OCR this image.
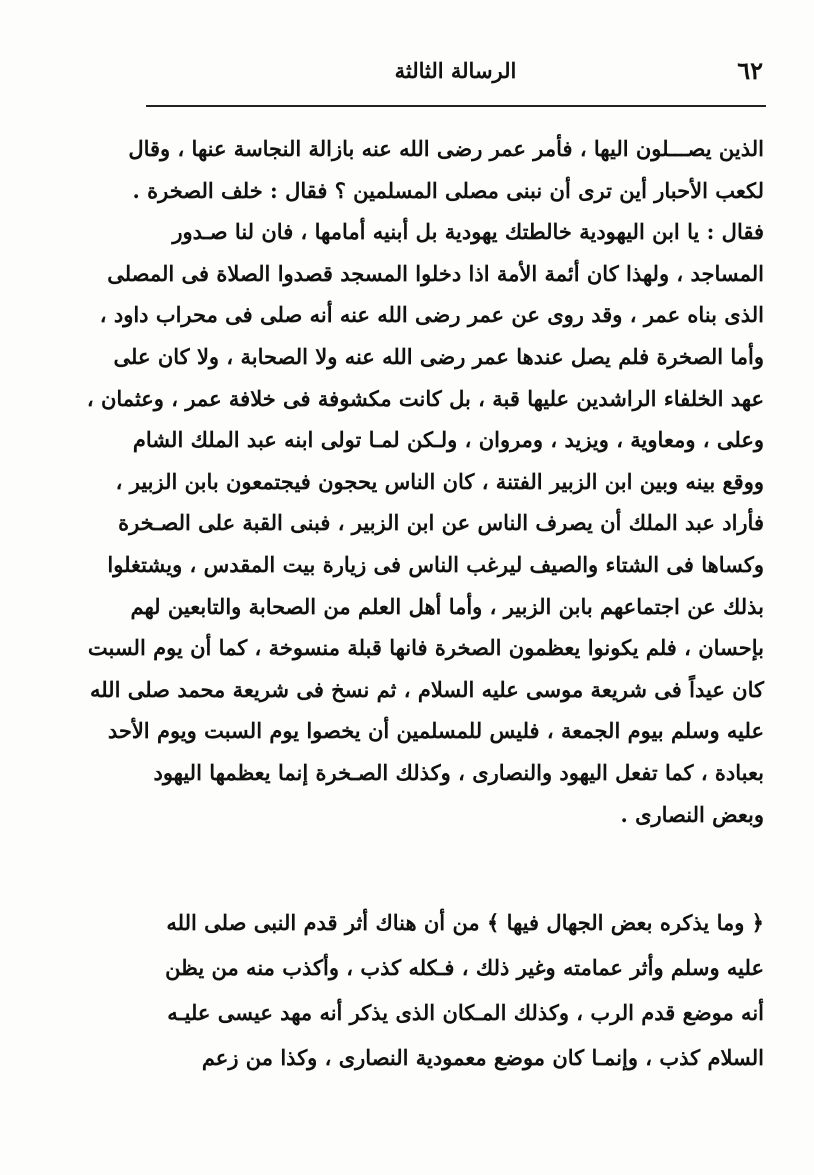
٦٢
الرسالة الثالثة
الذين يصـــلون اليها ، فأمر عمر رضى الله عنه بازالة النجاسة عنها ، وقال
لكعب الأحبار أين ترى أن نبنى مصلى المسلمين ؟ فقال : خلف الصخرة .
فقال : يا ابن اليهودية خالطتك يهودية بل أبنيه أمامها ، فان لنا صـدور
المساجد ، ولهذا كان أئمة الأمة اذا دخلوا المسجد قصدوا الصلاة فى المصلى
الذى بناه عمر ، وقد روى عن عمر رضى الله عنه أنه صلى فى محراب داود ،
وأما الصخرة فلم يصل عندها عمر رضى الله عنه ولا الصحابة ، ولا كان على
عهد الخلفاء الراشدين عليها قبة ، بل كانت مكشوفة فى خلافة عمر ، وعثمان ،
وعلى ، ومعاوية ، ويزيد ، ومروان ، ولـكن لمـا تولى ابنه عبد الملك الشام
ووقع بينه وبين ابن الزبير الفتنة ، كان الناس يحجون فيجتمعون بابن الزبير ،
فأراد عبد الملك أن يصرف الناس عن ابن الزبير ، فبنى القبة على الصـخرة
وكساها فى الشتاء والصيف ليرغب الناس فى زيارة بيت المقدس ، ويشتغلوا
بذلك عن اجتماعهم بابن الزبير ، وأما أهل العلم من الصحابة والتابعين لهم
بإحسان ، فلم يكونوا يعظمون الصخرة فانها قبلة منسوخة ، كما أن يوم السبت
كان عيداً فى شريعة موسى عليه السلام ، ثم نسخ فى شريعة محمد صلى الله
عليه وسلم بيوم الجمعة ، فليس للمسلمين أن يخصوا يوم السبت ويوم الأحد
بعبادة ، كما تفعل اليهود والنصارى ، وكذلك الصـخرة إنما يعظمها اليهود
وبعض النصارى .
﴿ وما يذكره بعض الجهال فيها ﴾ من أن هناك أثر قدم النبى صلى الله
عليه وسلم وأثر عمامته وغير ذلك ، فـكله كذب ، وأكذب منه من يظن
أنه موضع قدم الرب ، وكذلك المـكان الذى يذكر أنه مهد عيسى عليـه
السلام كذب ، وإنمـا كان موضع معمودية النصارى ، وكذا من زعم
